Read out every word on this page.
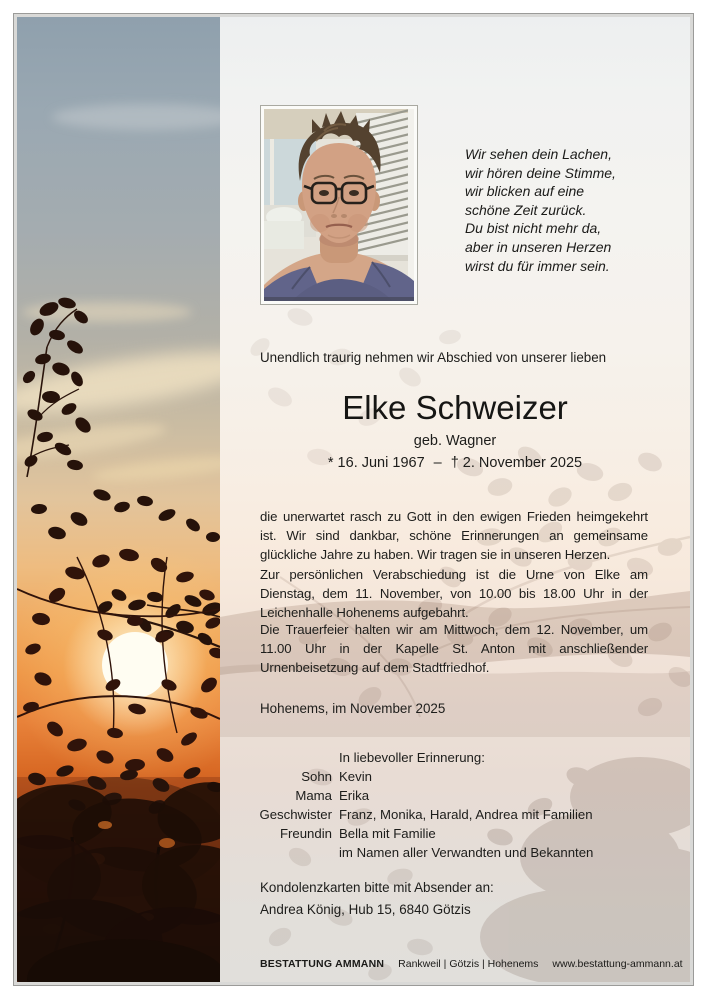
Wir sehen dein Lachen,
wir hören deine Stimme,
wir blicken auf eine
schöne Zeit zurück.
Du bist nicht mehr da,
aber in unseren Herzen
wirst du für immer sein.
Unendlich traurig nehmen wir Abschied von unserer lieben
Elke Schweizer
geb. Wagner
* 16. Juni 1967 – † 2. November 2025
die unerwartet rasch zu Gott in den ewigen Frieden heimgekehrt ist. Wir sind dankbar, schöne Erinnerungen an gemeinsame glückliche Jahre zu haben. Wir tragen sie in unseren Herzen.
Zur persönlichen Verabschiedung ist die Urne von Elke am Dienstag, dem 11. November, von 10.00 bis 18.00 Uhr in der Leichenhalle Hohenems aufgebahrt.
Die Trauerfeier halten wir am Mittwoch, dem 12. November, um 11.00 Uhr in der Kapelle St. Anton mit anschließender Urnenbeisetzung auf dem Stadtfriedhof.
Hohenems, im November 2025
In liebevoller Erinnerung:
Sohn Kevin
Mama Erika
Geschwister Franz, Monika, Harald, Andrea mit Familien
Freundin Bella mit Familie
im Namen aller Verwandten und Bekannten
Kondolenzkarten bitte mit Absender an:
Andrea König, Hub 15, 6840 Götzis
BESTATTUNG AMMANN Rankweil | Götzis | Hohenems www.bestattung-ammann.at
